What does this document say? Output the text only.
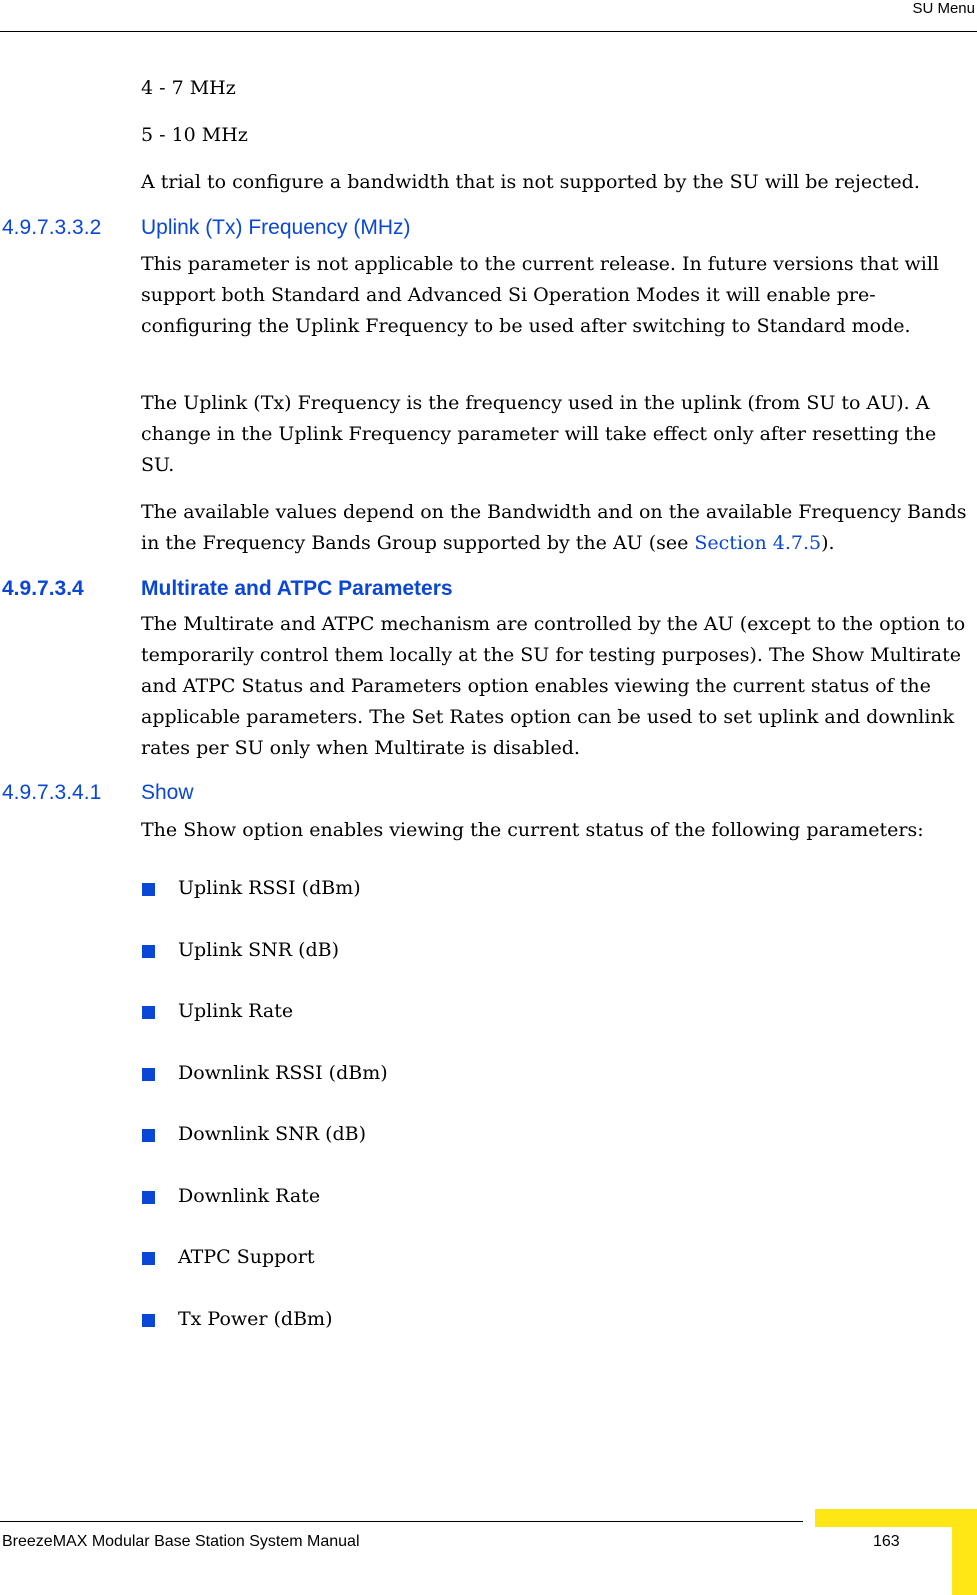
SU Menu

4 - 7 MHz

5 - 10 MHz

A trial to configure a bandwidth that is not supported by the SU will be rejected.

4.9.7.3.3.2 Uplink (Tx) Frequency (MHz)

This parameter is not applicable to the current release. In future versions that will support both Standard and Advanced Si Operation Modes it will enable pre-configuring the Uplink Frequency to be used after switching to Standard mode.

The Uplink (Tx) Frequency is the frequency used in the uplink (from SU to AU). A change in the Uplink Frequency parameter will take effect only after resetting the SU.

The available values depend on the Bandwidth and on the available Frequency Bands in the Frequency Bands Group supported by the AU (see Section 4.7.5).

4.9.7.3.4	Multirate and ATPC Parameters

The Multirate and ATPC mechanism are controlled by the AU (except to the option to temporarily control them locally at the SU for testing purposes). The Show Multirate and ATPC Status and Parameters option enables viewing the current status of the applicable parameters. The Set Rates option can be used to set uplink and downlink rates per SU only when Multirate is disabled.

4.9.7.3.4.1 Show

The Show option enables viewing the current status of the following parameters:

Uplink RSSI (dBm)
Uplink SNR (dB)
Uplink Rate
Downlink RSSI (dBm)
Downlink SNR (dB)
Downlink Rate
ATPC Support
Tx Power (dBm)
BreezeMAX Modular Base Station System Manual	163
